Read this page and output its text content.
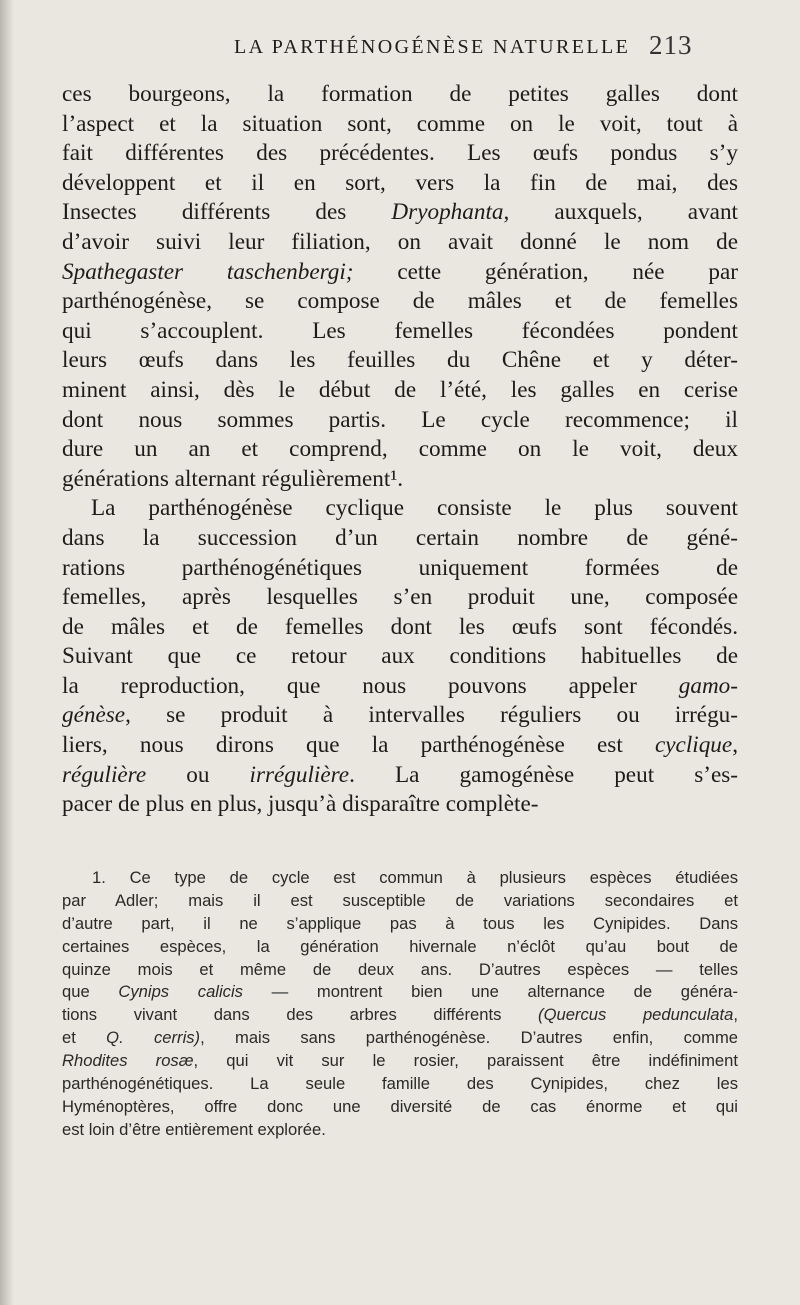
LA PARTHÉNOGÉNÈSE NATURELLE 213
ces bourgeons, la formation de petites galles dont
l’aspect et la situation sont, comme on le voit, tout à
fait différentes des précédentes. Les œufs pondus s’y
développent et il en sort, vers la fin de mai, des
Insectes différents des Dryophanta, auxquels, avant
d’avoir suivi leur filiation, on avait donné le nom de
Spathegaster taschenbergi; cette génération, née par
parthénogénèse, se compose de mâles et de femelles
qui s’accouplent. Les femelles fécondées pondent
leurs œufs dans les feuilles du Chêne et y déter-
minent ainsi, dès le début de l’été, les galles en cerise
dont nous sommes partis. Le cycle recommence; il
dure un an et comprend, comme on le voit, deux
générations alternant régulièrement¹.
La parthénogénèse cyclique consiste le plus souvent
dans la succession d’un certain nombre de géné-
rations parthénogénétiques uniquement formées de
femelles, après lesquelles s’en produit une, composée
de mâles et de femelles dont les œufs sont fécondés.
Suivant que ce retour aux conditions habituelles de
la reproduction, que nous pouvons appeler gamo-
génèse, se produit à intervalles réguliers ou irrégu-
liers, nous dirons que la parthénogénèse est cyclique,
régulière ou irrégulière. La gamogénèse peut s’es-
pacer de plus en plus, jusqu’à disparaître complète-
1. Ce type de cycle est commun à plusieurs espèces étudiées
par Adler; mais il est susceptible de variations secondaires et
d’autre part, il ne s’applique pas à tous les Cynipides. Dans
certaines espèces, la génération hivernale n’éclôt qu’au bout de
quinze mois et même de deux ans. D’autres espèces — telles
que Cynips calicis — montrent bien une alternance de généra-
tions vivant dans des arbres différents (Quercus pedunculata,
et Q. cerris), mais sans parthénogénèse. D’autres enfin, comme
Rhodites rosæ, qui vit sur le rosier, paraissent être indéfiniment
parthénogénétiques. La seule famille des Cynipides, chez les
Hyménoptères, offre donc une diversité de cas énorme et qui
est loin d’être entièrement explorée.
